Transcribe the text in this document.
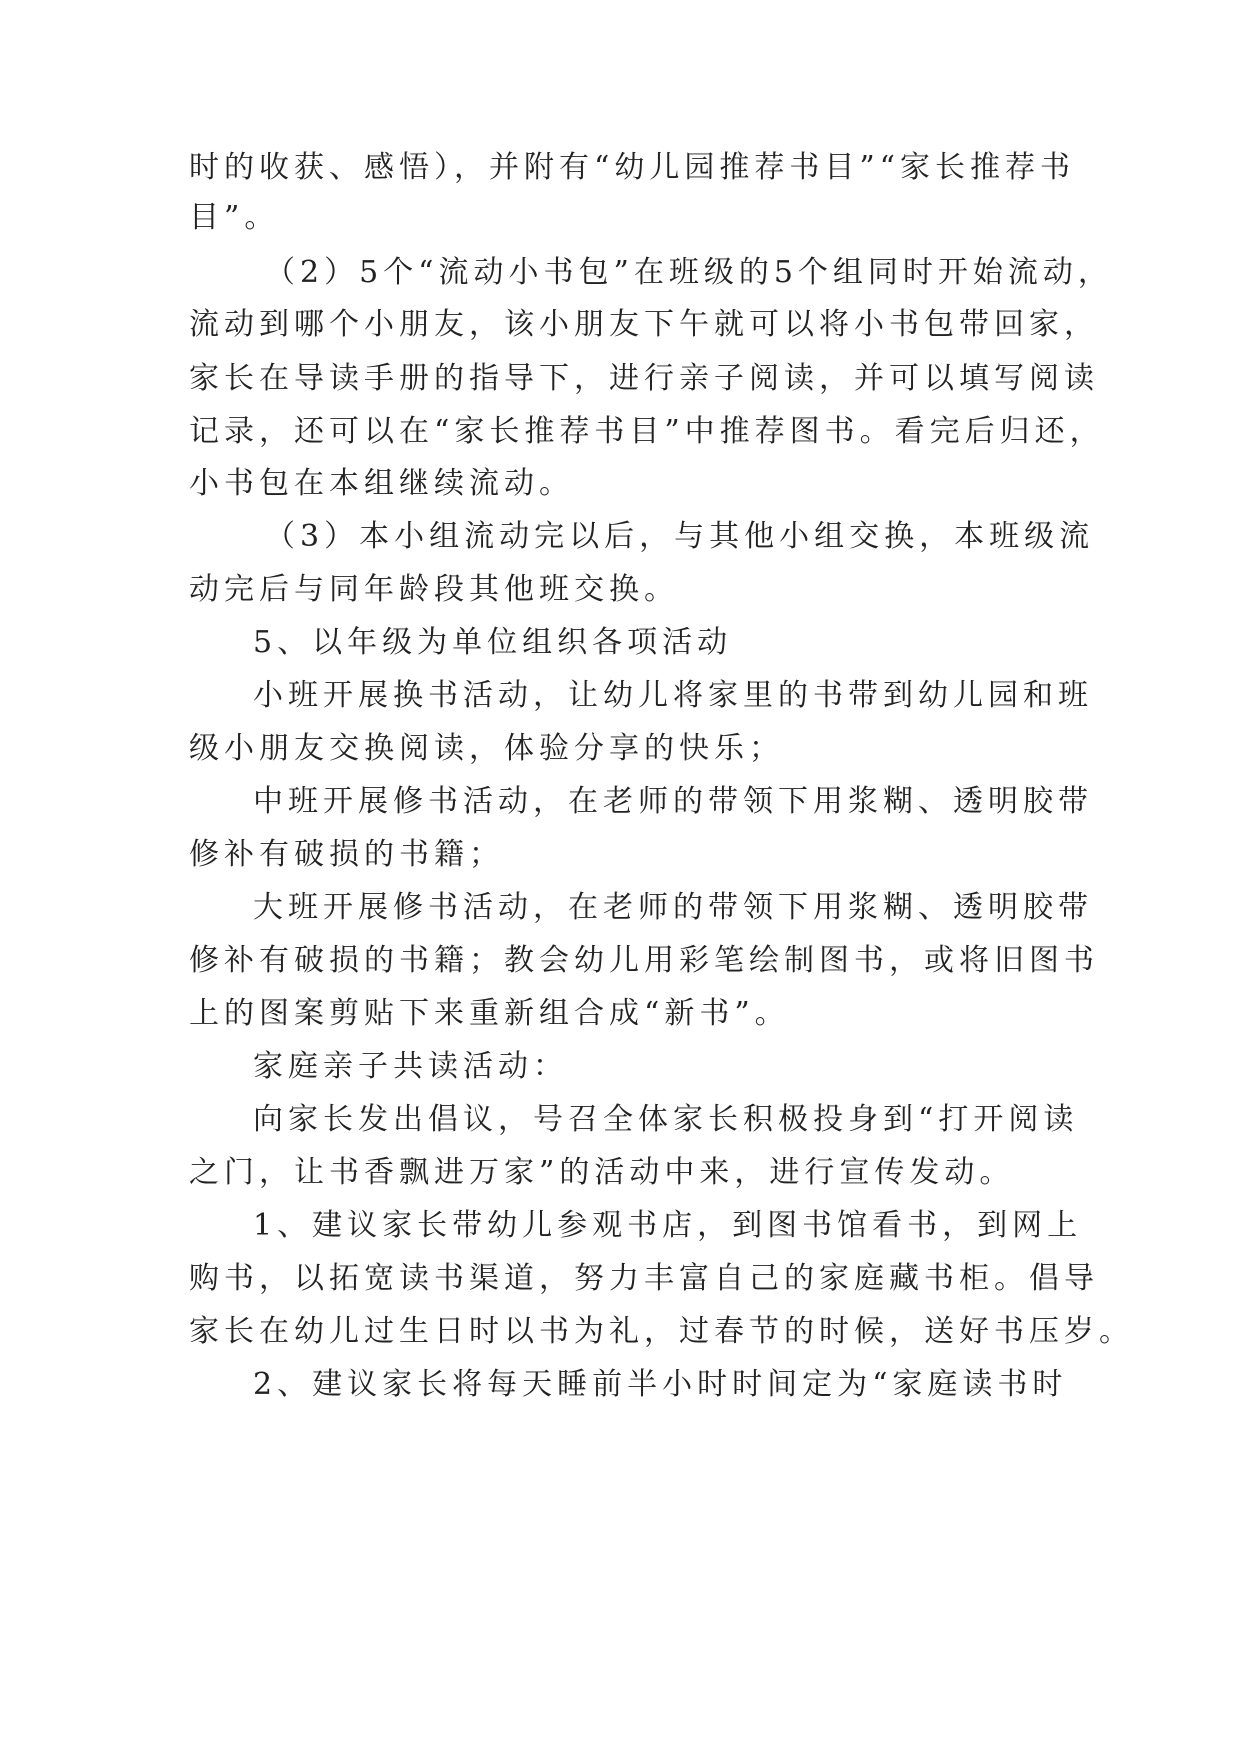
时的收获、感悟），并附有“幼儿园推荐书目”“家长推荐书
目”。
（2）5个“流动小书包”在班级的5个组同时开始流动，
流动到哪个小朋友，该小朋友下午就可以将小书包带回家，
家长在导读手册的指导下，进行亲子阅读，并可以填写阅读
记录，还可以在“家长推荐书目”中推荐图书。看完后归还，
小书包在本组继续流动。
（3）本小组流动完以后，与其他小组交换，本班级流
动完后与同年龄段其他班交换。
5、以年级为单位组织各项活动
小班开展换书活动，让幼儿将家里的书带到幼儿园和班
级小朋友交换阅读，体验分享的快乐；
中班开展修书活动，在老师的带领下用浆糊、透明胶带
修补有破损的书籍；
大班开展修书活动，在老师的带领下用浆糊、透明胶带
修补有破损的书籍；教会幼儿用彩笔绘制图书，或将旧图书
上的图案剪贴下来重新组合成“新书”。
家庭亲子共读活动：
向家长发出倡议，号召全体家长积极投身到“打开阅读
之门，让书香飘进万家”的活动中来，进行宣传发动。
1、建议家长带幼儿参观书店，到图书馆看书，到网上
购书，以拓宽读书渠道，努力丰富自己的家庭藏书柜。倡导
家长在幼儿过生日时以书为礼，过春节的时候，送好书压岁。
2、建议家长将每天睡前半小时时间定为“家庭读书时
